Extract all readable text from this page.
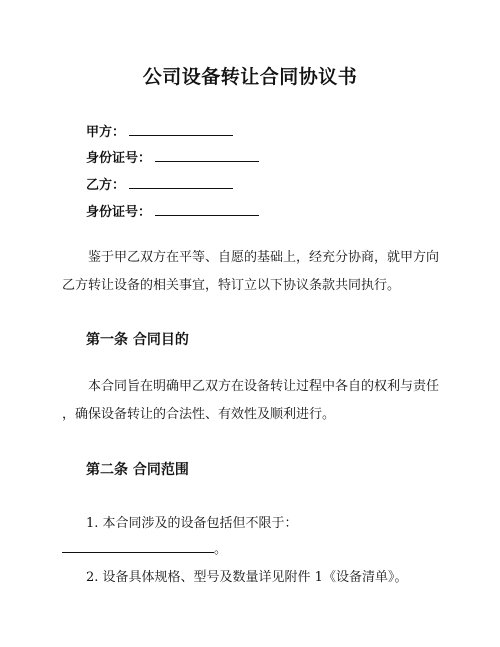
公司设备转让合同协议书
甲方：
身份证号：
乙方：
身份证号：
鉴于甲乙双方在平等、自愿的基础上，经充分协商，就甲方向乙方转让设备的相关事宜，特订立以下协议条款共同执行。
第一条 合同目的
本合同旨在明确甲乙双方在设备转让过程中各自的权利与责任
，确保设备转让的合法性、有效性及顺利进行。
第二条 合同范围
1. 本合同涉及的设备包括但不限于：
。
2. 设备具体规格、型号及数量详见附件 1《设备清单》。
